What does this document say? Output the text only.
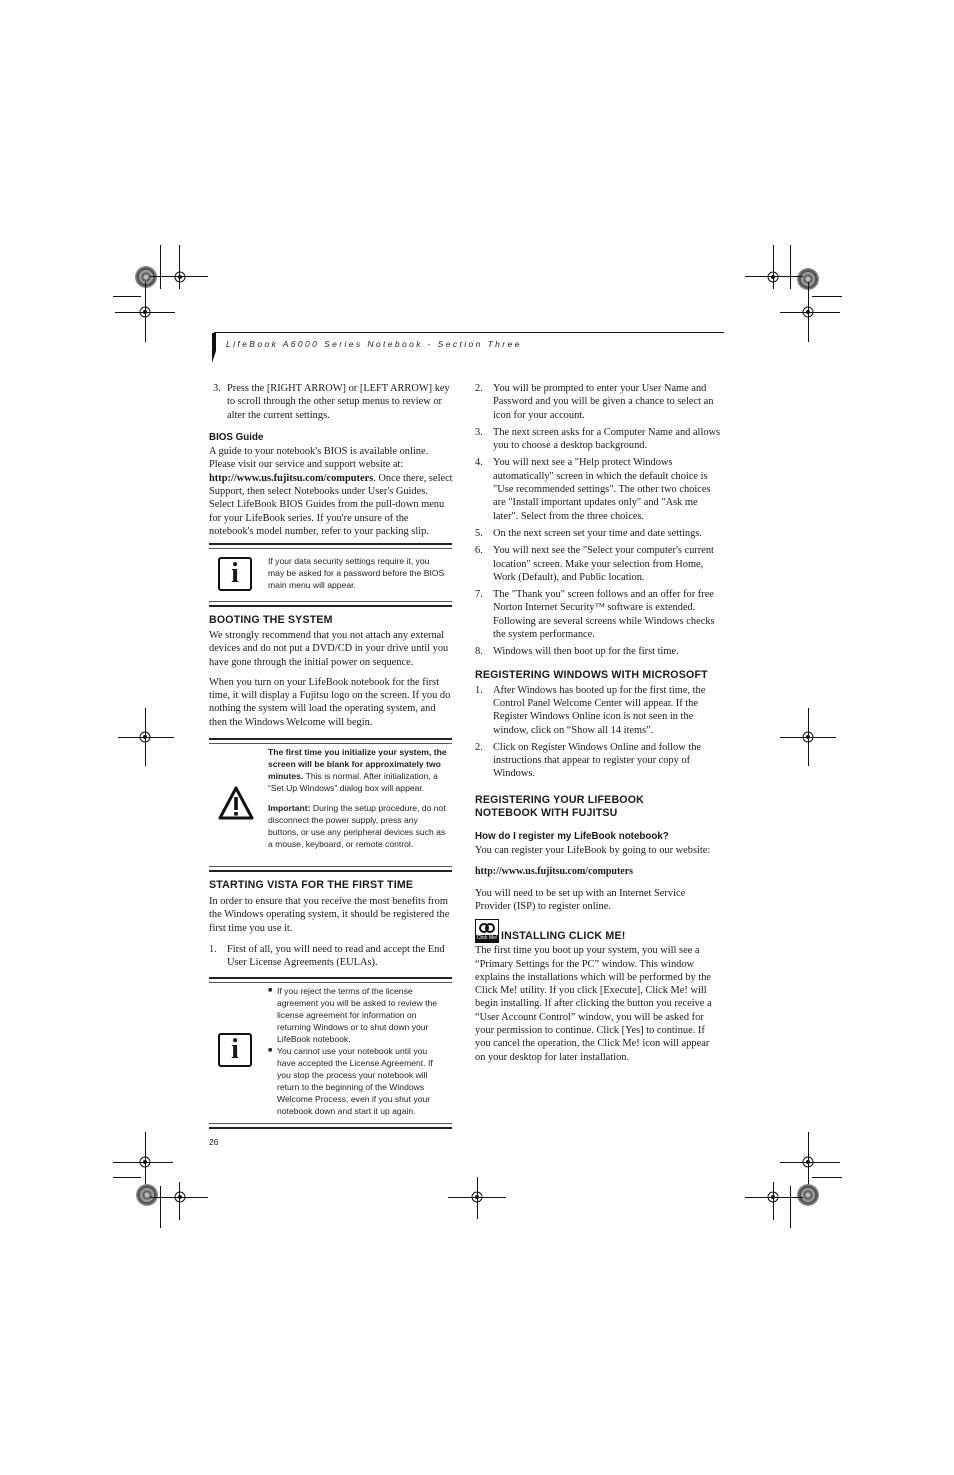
LifeBook A6000 Series Notebook - Section Three
3. Press the [RIGHT ARROW] or [LEFT ARROW] key to scroll through the other setup menus to review or alter the current settings.
BIOS Guide

A guide to your notebook's BIOS is available online. Please visit our service and support website at: http://www.us.fujitsu.com/computers. Once there, select Support, then select Notebooks under User's Guides. Select LifeBook BIOS Guides from the pull-down menu for your LifeBook series. If you're unsure of the notebook's model number, refer to your packing slip.

i	If your data security settings require it, you may be asked for a password before the BIOS main menu will appear.
BOOTING THE SYSTEM

We strongly recommend that you not attach any external devices and do not put a DVD/CD in your drive until you have gone through the initial power on sequence.

When you turn on your LifeBook notebook for the first time, it will display a Fujitsu logo on the screen. If you do nothing the system will load the operating system, and then the Windows Welcome will begin.

The first time you initialize your system, the screen will be blank for approximately two minutes. This is normal. After initialization, a “Set Up Windows” dialog box will appear.
Important: During the setup procedure, do not disconnect the power supply, press any buttons, or use any peripheral devices such as a mouse, keyboard, or remote control.
STARTING VISTA FOR THE FIRST TIME

In order to ensure that you receive the most benefits from the Windows operating system, it should be registered the first time you use it.

1. First of all, you will need to read and accept the End User License Agreements (EULAs).
i
■ If you reject the terms of the license agreement you will be asked to review the license agreement for information on returning Windows or to shut down your LifeBook notebook.
■ You cannot use your notebook until you have accepted the License Agreement. If you stop the process your notebook will return to the beginning of the Windows Welcome Process, even if you shut your notebook down and start it up again.
26
2. You will be prompted to enter your User Name and Password and you will be given a chance to select an icon for your account.
3. The next screen asks for a Computer Name and allows you to choose a desktop background.
4. You will next see a "Help protect Windows automatically" screen in which the default choice is "Use recommended settings". The other two choices are "Install important updates only" and "Ask me later". Select from the three choices.
5. On the next screen set your time and date settings.
6. You will next see the "Select your computer's current location" screen. Make your selection from Home, Work (Default), and Public location.
7. The "Thank you" screen follows and an offer for free Norton Internet Security™ software is extended. Following are several screens while Windows checks the system performance.
8. Windows will then boot up for the first time.
REGISTERING WINDOWS WITH MICROSOFT
1. After Windows has booted up for the first time, the Control Panel Welcome Center will appear. If the Register Windows Online icon is not seen in the window, click on “Show all 14 items”.
2. Click on Register Windows Online and follow the instructions that appear to register your copy of Windows.
REGISTERING YOUR LIFEBOOK
NOTEBOOK WITH FUJITSU
How do I register my LifeBook notebook?

You can register your LifeBook by going to our website:

http://www.us.fujitsu.com/computers

You will need to be set up with an Internet Service Provider (ISP) to register online.

Click Me! INSTALLING CLICK ME!

The first time you boot up your system, you will see a “Primary Settings for the PC” window. This window explains the installations which will be performed by the Click Me! utility. If you click [Execute], Click Me! will begin installing. If after clicking the button you receive a “User Account Control” window, you will be asked for your permission to continue. Click [Yes] to continue. If you cancel the operation, the Click Me! icon will appear on your desktop for later installation.
